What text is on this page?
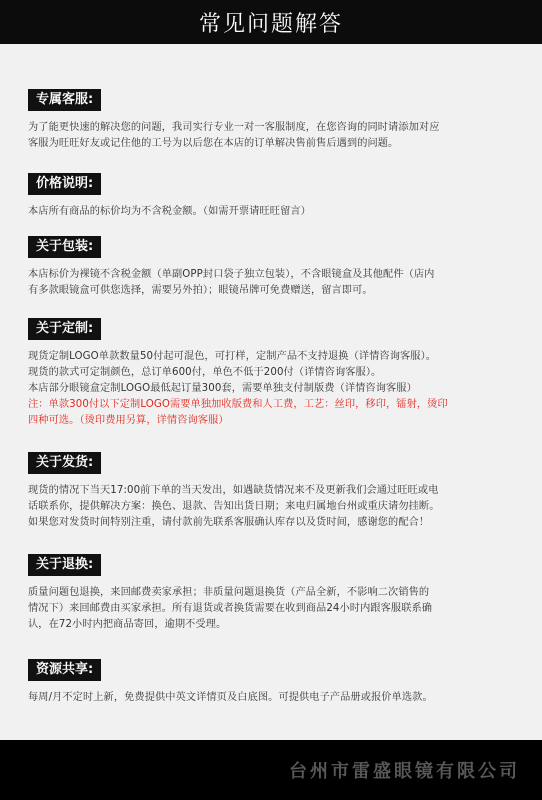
常见问题解答
专属客服:
为了能更快速的解决您的问题，我司实行专业一对一客服制度，在您咨询的同时请添加对应
客服为旺旺好友或记住他的工号为以后您在本店的订单解决售前售后遇到的问题。
价格说明:
本店所有商品的标价均为不含税金额。（如需开票请旺旺留言）
关于包装:
本店标价为裸镜不含税金额（单副OPP封口袋子独立包装），不含眼镜盒及其他配件（店内
有多款眼镜盒可供您选择，需要另外拍）；眼镜吊牌可免费赠送，留言即可。
关于定制:
现货定制LOGO单款数量50付起可混色，可打样，定制产品不支持退换（详情咨询客服）。
现货的款式可定制颜色，总订单600付，单色不低于200付（详情咨询客服）。
本店部分眼镜盒定制LOGO最低起订量300套，需要单独支付制版费（详情咨询客服）
注：单款300付以下定制LOGO需要单独加收版费和人工费，工艺：丝印，移印，镭射，烫印
四种可选。（烫印费用另算，详情咨询客服）
关于发货:
现货的情况下当天17:00前下单的当天发出，如遇缺货情况来不及更新我们会通过旺旺或电
话联系你，提供解决方案：换色、退款、告知出货日期；来电归属地台州或重庆请勿挂断。
如果您对发货时间特别注重，请付款前先联系客服确认库存以及货时间，感谢您的配合！
关于退换:
质量问题包退换，来回邮费卖家承担；非质量问题退换货（产品全新，不影响二次销售的
情况下）来回邮费由买家承担。所有退货或者换货需要在收到商品24小时内跟客服联系确
认，在72小时内把商品寄回，逾期不受理。
资源共享:
每周/月不定时上新，免费提供中英文详情页及白底图。可提供电子产品册或报价单选款。
台州市雷盛眼镜有限公司
